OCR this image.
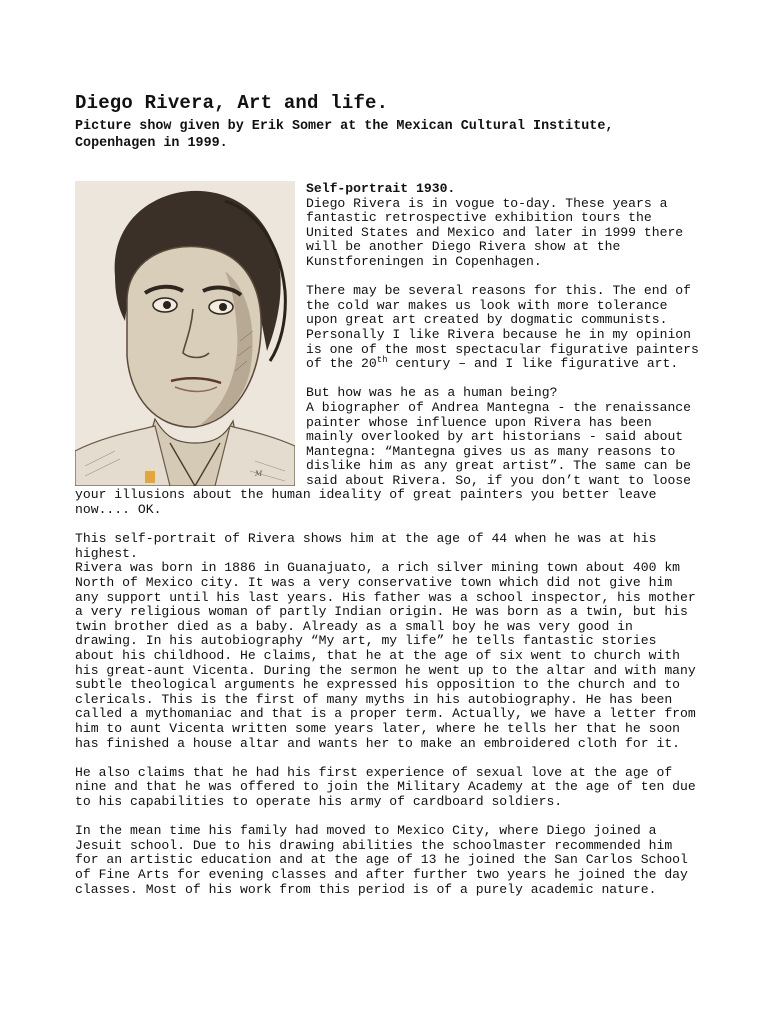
Diego Rivera, Art and life.
Picture show given by Erik Somer at the Mexican Cultural Institute, Copenhagen in 1999.
M

Self-portrait 1930.
Diego Rivera is in vogue to-day. These years a fantastic retrospective exhibition tours the United States and Mexico and later in 1999 there will be another Diego Rivera show at the Kunstforeningen in Copenhagen.

There may be several reasons for this. The end of the cold war makes us look with more tolerance upon great art created by dogmatic communists. Personally I like Rivera because he in my opinion is one of the most spectacular figurative painters of the 20th century – and I like figurative art.

But how was he as a human being?
A biographer of Andrea Mantegna - the renaissance painter whose influence upon Rivera has been mainly overlooked by art historians - said about Mantegna: “Mantegna gives us as many reasons to dislike him as any great artist”. The same can be said about Rivera. So, if you don’t want to loose your illusions about the human ideality of great painters you better leave now.... OK.

This self-portrait of Rivera shows him at the age of 44 when he was at his highest.
Rivera was born in 1886 in Guanajuato, a rich silver mining town about 400 km North of Mexico city. It was a very conservative town which did not give him any support until his last years. His father was a school inspector, his mother a very religious woman of partly Indian origin. He was born as a twin, but his twin brother died as a baby. Already as a small boy he was very good in drawing. In his autobiography “My art, my life” he tells fantastic stories about his childhood. He claims, that he at the age of six went to church with his great-aunt Vicenta. During the sermon he went up to the altar and with many subtle theological arguments he expressed his opposition to the church and to clericals. This is the first of many myths in his autobiography. He has been called a mythomaniac and that is a proper term. Actually, we have a letter from him to aunt Vicenta written some years later, where he tells her that he soon has finished a house altar and wants her to make an embroidered cloth for it.

He also claims that he had his first experience of sexual love at the age of nine and that he was offered to join the Military Academy at the age of ten due to his capabilities to operate his army of cardboard soldiers.

In the mean time his family had moved to Mexico City, where Diego joined a Jesuit school. Due to his drawing abilities the schoolmaster recommended him for an artistic education and at the age of 13 he joined the San Carlos School of Fine Arts for evening classes and after further two years he joined the day classes. Most of his work from this period is of a purely academic nature.
